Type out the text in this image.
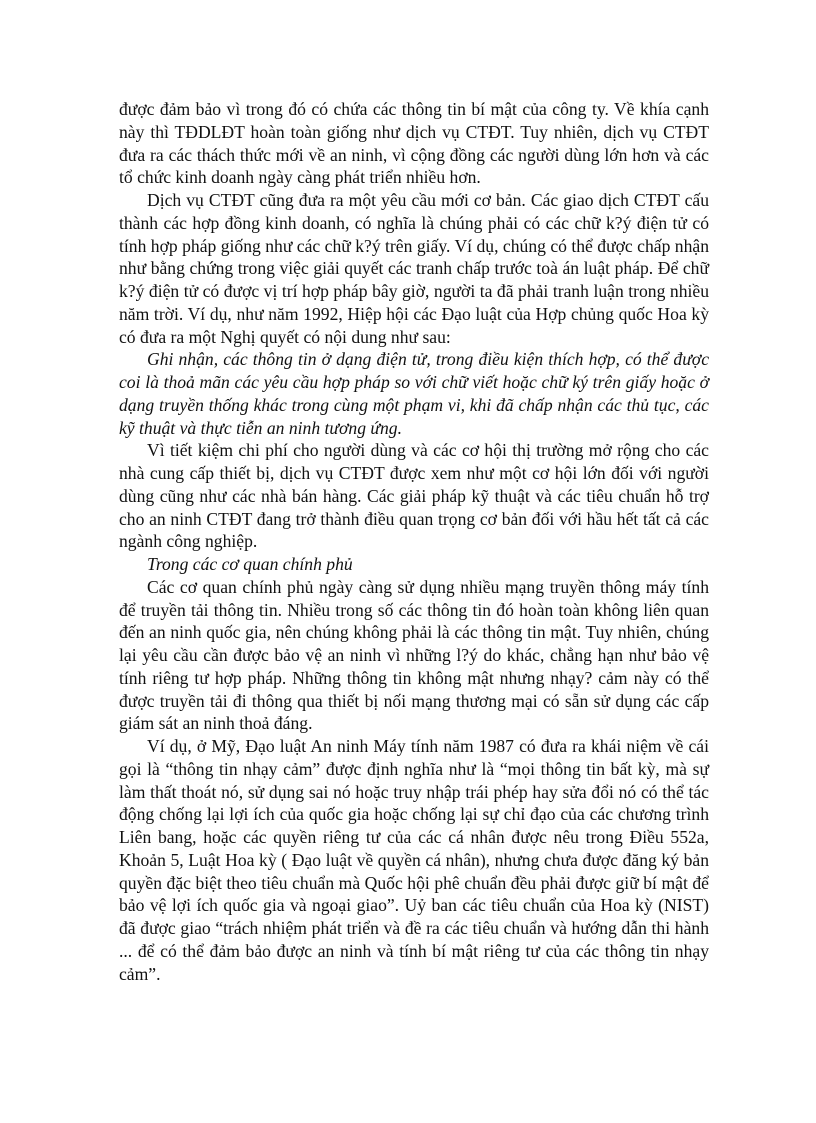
được đảm bảo vì trong đó có chứa các thông tin bí mật của công ty. Về khía cạnh này thì TĐDLĐT hoàn toàn giống như dịch vụ CTĐT. Tuy nhiên, dịch vụ CTĐT đưa ra các thách thức mới về an ninh, vì cộng đồng các người dùng lớn hơn và các tổ chức kinh doanh ngày càng phát triển nhiều hơn.

Dịch vụ CTĐT cũng đưa ra một yêu cầu mới cơ bản. Các giao dịch CTĐT cấu thành các hợp đồng kinh doanh, có nghĩa là chúng phải có các chữ k?ý điện tử có tính hợp pháp giống như các chữ k?ý trên giấy. Ví dụ, chúng có thể được chấp nhận như bằng chứng trong việc giải quyết các tranh chấp trước toà án luật pháp. Để chữ k?ý điện tử có được vị trí hợp pháp bây giờ, người ta đã phải tranh luận trong nhiều năm trời. Ví dụ, như năm 1992, Hiệp hội các Đạo luật của Hợp chủng quốc Hoa kỳ có đưa ra một Nghị quyết có nội dung như sau:

Ghi nhận, các thông tin ở dạng điện tử, trong điều kiện thích hợp, có thể được coi là thoả mãn các yêu cầu hợp pháp so với chữ viết hoặc chữ ký trên giấy hoặc ở dạng truyền thống khác trong cùng một phạm vi, khi đã chấp nhận các thủ tục, các kỹ thuật và thực tiễn an ninh tương ứng.

Vì tiết kiệm chi phí cho người dùng và các cơ hội thị trường mở rộng cho các nhà cung cấp thiết bị, dịch vụ CTĐT được xem như một cơ hội lớn đối với người dùng cũng như các nhà bán hàng. Các giải pháp kỹ thuật và các tiêu chuẩn hỗ trợ cho an ninh CTĐT đang trở thành điều quan trọng cơ bản đối với hầu hết tất cả các ngành công nghiệp.

Trong các cơ quan chính phủ

Các cơ quan chính phủ ngày càng sử dụng nhiều mạng truyền thông máy tính để truyền tải thông tin. Nhiều trong số các thông tin đó hoàn toàn không liên quan đến an ninh quốc gia, nên chúng không phải là các thông tin mật. Tuy nhiên, chúng lại yêu cầu cần được bảo vệ an ninh vì những l?ý do khác, chẳng hạn như bảo vệ tính riêng tư hợp pháp. Những thông tin không mật nhưng nhạy? cảm này có thể được truyền tải đi thông qua thiết bị nối mạng thương mại có sẵn sử dụng các cấp giám sát an ninh thoả đáng.

Ví dụ, ở Mỹ, Đạo luật An ninh Máy tính năm 1987 có đưa ra khái niệm về cái gọi là “thông tin nhạy cảm” được định nghĩa như là “mọi thông tin bất kỳ, mà sự làm thất thoát nó, sử dụng sai nó hoặc truy nhập trái phép hay sửa đổi nó có thể tác động chống lại lợi ích của quốc gia hoặc chống lại sự chỉ đạo của các chương trình Liên bang, hoặc các quyền riêng tư của các cá nhân được nêu trong Điều 552a, Khoản 5, Luật Hoa kỳ ( Đạo luật về quyền cá nhân), nhưng chưa được đăng ký bản quyền đặc biệt theo tiêu chuẩn mà Quốc hội phê chuẩn đều phải được giữ bí mật để bảo vệ lợi ích quốc gia và ngoại giao”. Uỷ ban các tiêu chuẩn của Hoa kỳ (NIST) đã được giao “trách nhiệm phát triển và đề ra các tiêu chuẩn và hướng dẫn thi hành ... để có thể đảm bảo được an ninh và tính bí mật riêng tư của các thông tin nhạy cảm”.
